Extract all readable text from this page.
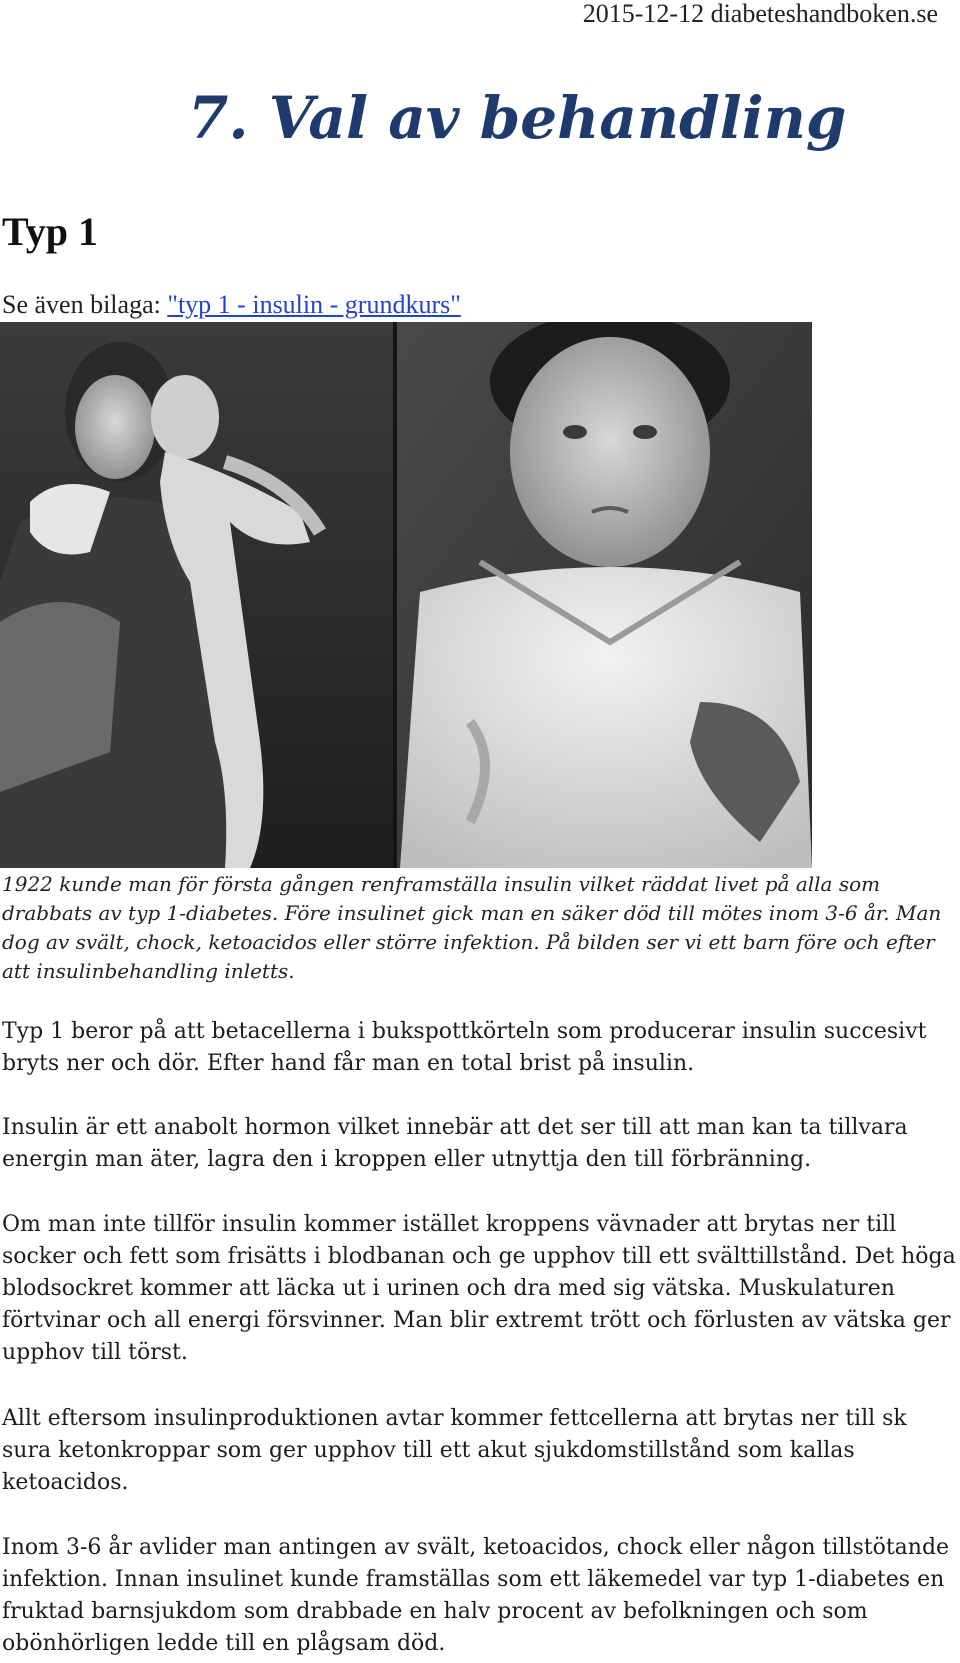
2015-12-12 diabeteshandboken.se
7. Val av behandling
Typ 1
Se även bilaga: "typ 1 - insulin - grundkurs"

1922 kunde man för första gången renframställa insulin vilket räddat livet på alla som drabbats av typ 1-diabetes. Före insulinet gick man en säker död till mötes inom 3-6 år. Man dog av svält, chock, ketoacidos eller större infektion. På bilden ser vi ett barn före och efter att insulinbehandling inletts.

Typ 1 beror på att betacellerna i bukspottkörteln som producerar insulin succesivt bryts ner och dör. Efter hand får man en total brist på insulin.

Insulin är ett anabolt hormon vilket innebär att det ser till att man kan ta tillvara energin man äter, lagra den i kroppen eller utnyttja den till förbränning.

Om man inte tillför insulin kommer istället kroppens vävnader att brytas ner till socker och fett som frisätts i blodbanan och ge upphov till ett svälttillstånd. Det höga blodsockret kommer att läcka ut i urinen och dra med sig vätska. Muskulaturen förtvinar och all energi försvinner. Man blir extremt trött och förlusten av vätska ger upphov till törst.

Allt eftersom insulinproduktionen avtar kommer fettcellerna att brytas ner till sk sura ketonkroppar som ger upphov till ett akut sjukdomstillstånd som kallas ketoacidos.

Inom 3-6 år avlider man antingen av svält, ketoacidos, chock eller någon tillstötande infektion. Innan insulinet kunde framställas som ett läkemedel var typ 1-diabetes en fruktad barnsjukdom som drabbade en halv procent av befolkningen och som obönhörligen ledde till en plågsam död.
